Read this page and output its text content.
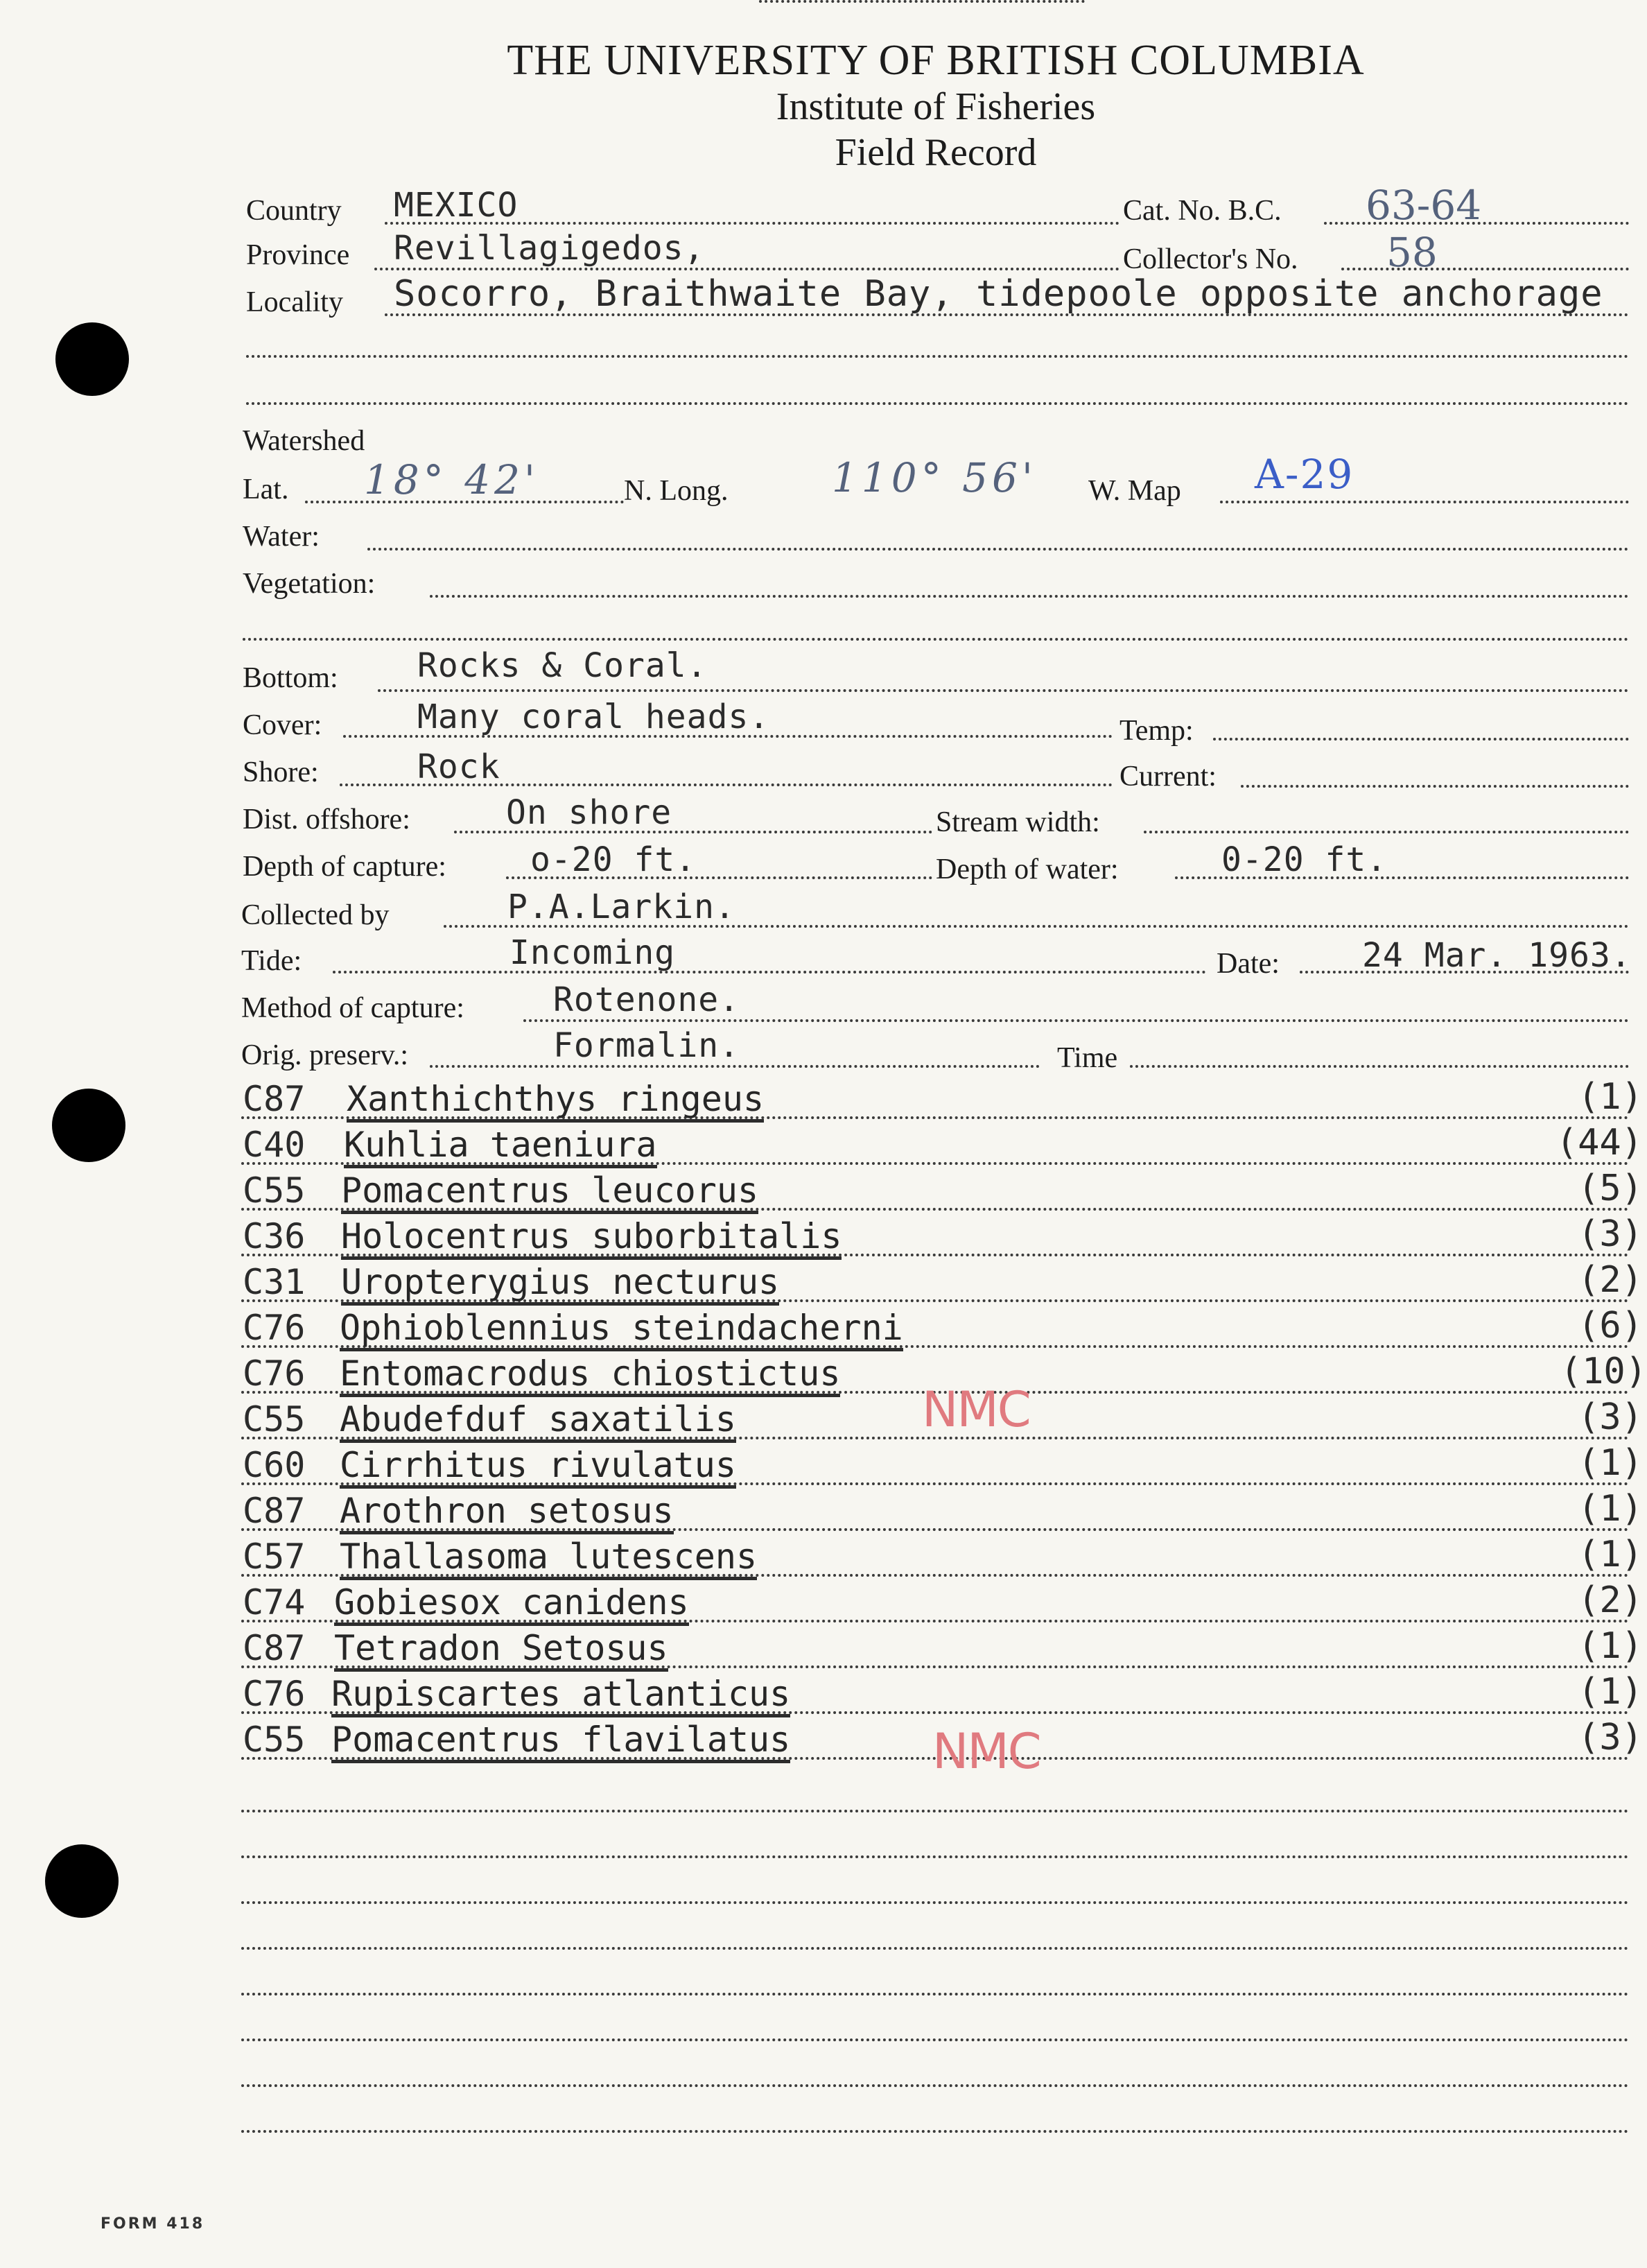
THE UNIVERSITY OF BRITISH COLUMBIA
Institute of Fisheries
Field Record
Country MEXICO	Cat. No. B.C. 63-64
Province Revillagigedos,	Collector's No. 58
Locality Socorro, Braithwaite Bay, tidepoole opposite anchorage
Watershed
Lat. 18° 42'	N. Long.	110° 56' W. Map A-29
Water:
Vegetation:
Bottom: Rocks & Coral.
Cover:	Many coral heads.	Temp:
Shore:	Rock	Current:
Dist. offshore:	On shore	Stream width:
Depth of capture:	o-20 ft.	Depth of water:	0-20 ft.
Collected by	P.A.Larkin.
Tide:	Incoming	Date: 24 Mar. 1963.
Method of capture:	Rotenone.
Orig. preserv.:	Formalin.	Time
C87 Xanthichthys ringeus	(1)
C40 Kuhlia taeniura	(44)
C55 Pomacentrus leucorus	(5)
C36 Holocentrus suborbitalis	(3)
C31 Uropterygius necturus	(2)
C76 Ophioblennius steindacherni	(6)
C76 Entomacrodus chiostictus	(10)
C55 Abudefduf saxatilis	(3)
C60 Cirrhitus rivulatus	(1)
C87 Arothron setosus	(1)
C57 Thallasoma lutescens	(1)
C74 Gobiesox canidens	(2)
C87 Tetradon Setosus	(1)
C76 Rupiscartes atlanticus	(1)
C55 Pomacentrus flavilatus	(3)
NMC
NMC
FORM 418
